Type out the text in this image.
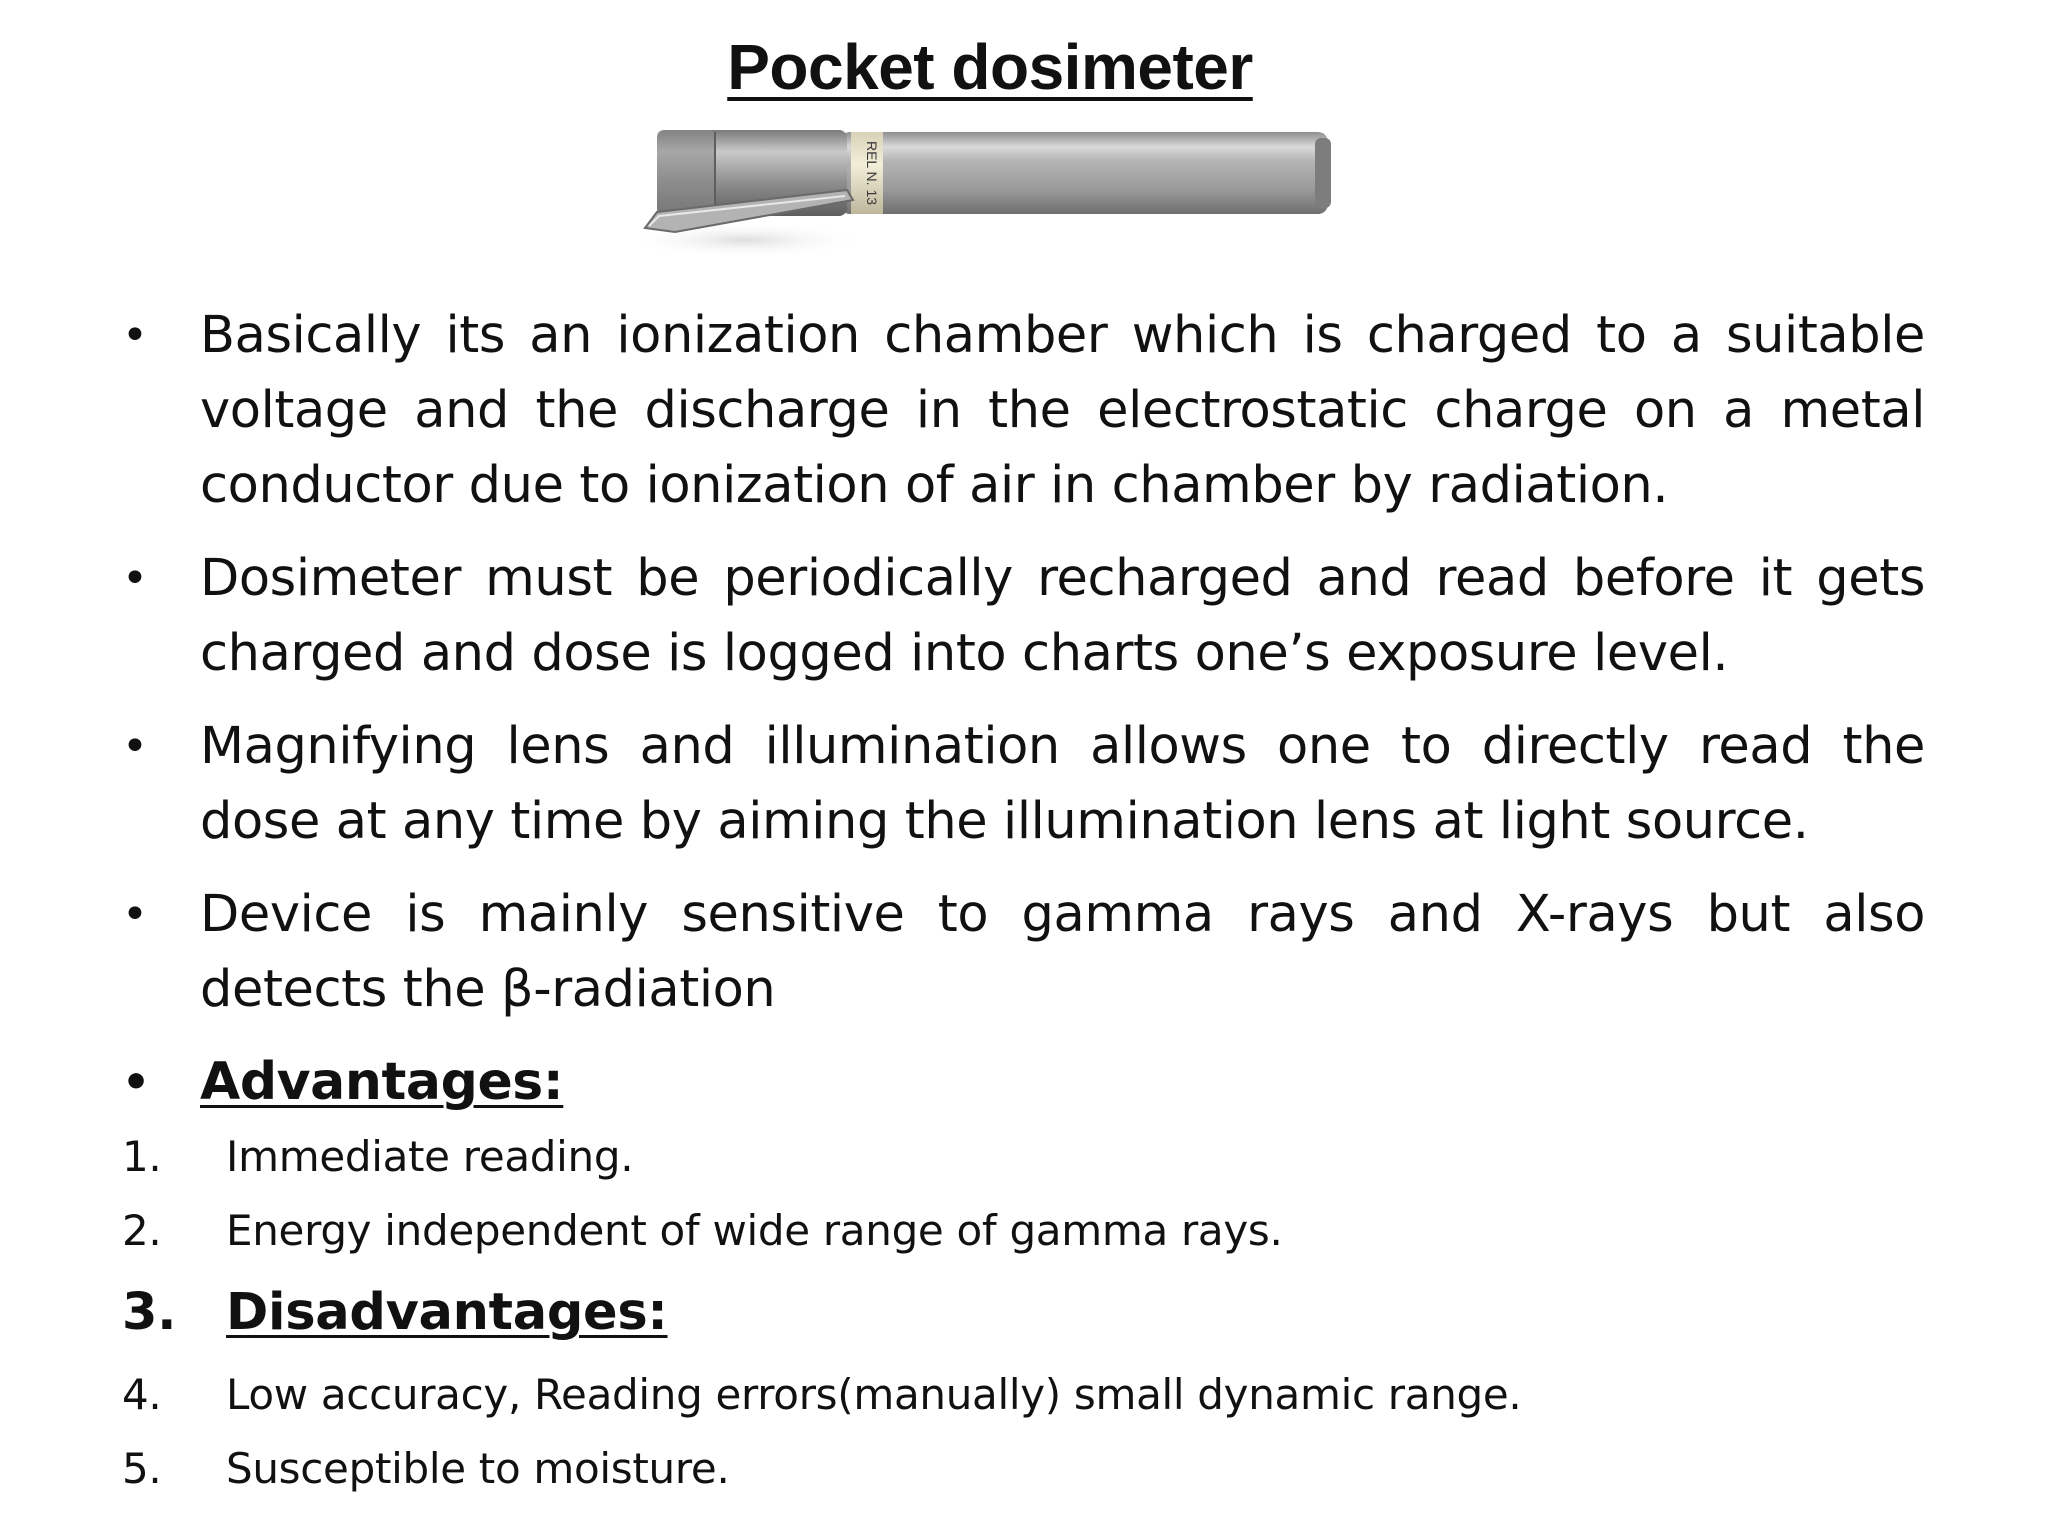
Pocket dosimeter
REL N. 13
• Basically its an ionization chamber which is charged to a suitable voltage and the discharge in the electrostatic charge on a metal conductor due to ionization of air in chamber by radiation.
• Dosimeter must be periodically recharged and read before it gets charged and dose is logged into charts one’s exposure level.
• Magnifying lens and illumination allows one to directly read the dose at any time by aiming the illumination lens at light source.
• Device is mainly sensitive to gamma rays and X-rays but also detects the β-radiation
• Advantages:
1. Immediate reading.
2. Energy independent of wide range of gamma rays.
3. Disadvantages:
4. Low accuracy, Reading errors(manually) small dynamic range.
5. Susceptible to moisture.
